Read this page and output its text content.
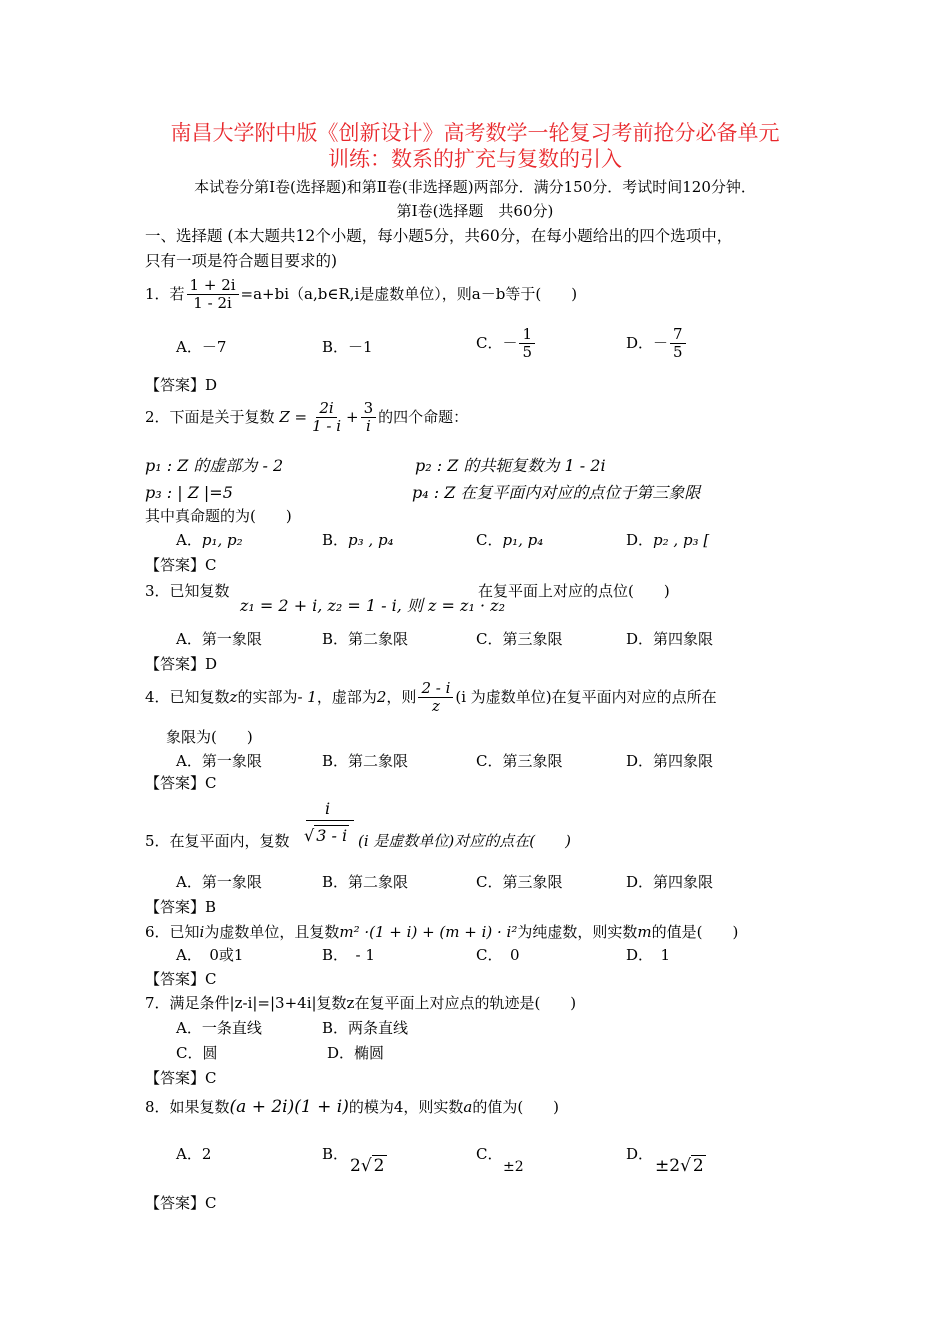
南昌大学附中版《创新设计》高考数学一轮复习考前抢分必备单元
训练：数系的扩充与复数的引入
本试卷分第Ⅰ卷(选择题)和第Ⅱ卷(非选择题)两部分．满分150分．考试时间120分钟．
第Ⅰ卷(选择题　共60分)
一、选择题 (本大题共12个小题，每小题5分，共60分，在每小题给出的四个选项中，
只有一项是符合题目要求的)
1．若 $\frac{1 + 2i}{1 - 2i}$ =a+bi（a,b∈R,i是虚数单位），则a－b等于(　　)
A．－7	B．－1	C．－ $\frac{1}{5}$	D．－ $\frac{7}{5}$
【答案】D
2．下面是关于复数 $Z = \frac{2i}{1 - i} + \frac{3}{i}$ 的四个命题：
p₁ : Z 的虚部为 - 2	p₂ : Z 的共轭复数为 1 - 2i
p₃ : | Z |=5	p₄ : Z 在复平面内对应的点位于第三象限
其中真命题的为(　　)
A．p₁, p₂	B．p₃ , p₄	C．p₁, p₄	D．p₂ , p₃ [
【答案】C
3．已知复数
z₁ = 2 + i, z₂ = 1 - i, 则 z = z₁ · z₂
在复平面上对应的点位(　　)
A．第一象限	B．第二象限	C．第三象限	D．第四象限
【答案】D
4．已知复数z的实部为- 1，虚部为2，则 $\frac{2 - i}{z} (i$ 为虚数单位)在复平面内对应的点所在
象限为(　　)
A．第一象限	B．第二象限	C．第三象限	D．第四象限
【答案】C
5．在复平面内，复数
i
√ 3 - i (i 是虚数单位)对应的点在(　　)
A．第一象限	B．第二象限	C．第三象限	D．第四象限
【答案】B
6．已知i为虚数单位，且复数m² ·(1 + i) + (m + i) · i²为纯虚数，则实数m的值是(　　)
A．　0或1	B．　- 1	C．　0	D．　1
【答案】C
7．满足条件|z-i|=|3+4i|复数z在复平面上对应点的轨迹是(　　)
A．一条直线	B．两条直线
C．圆	D．椭圆
【答案】C
8．如果复数(a + 2i)(1 + i)的模为4，则实数a的值为(　　)
A．2	B．
2√ 2
C．
±2
D．
±2√ 2
【答案】C
